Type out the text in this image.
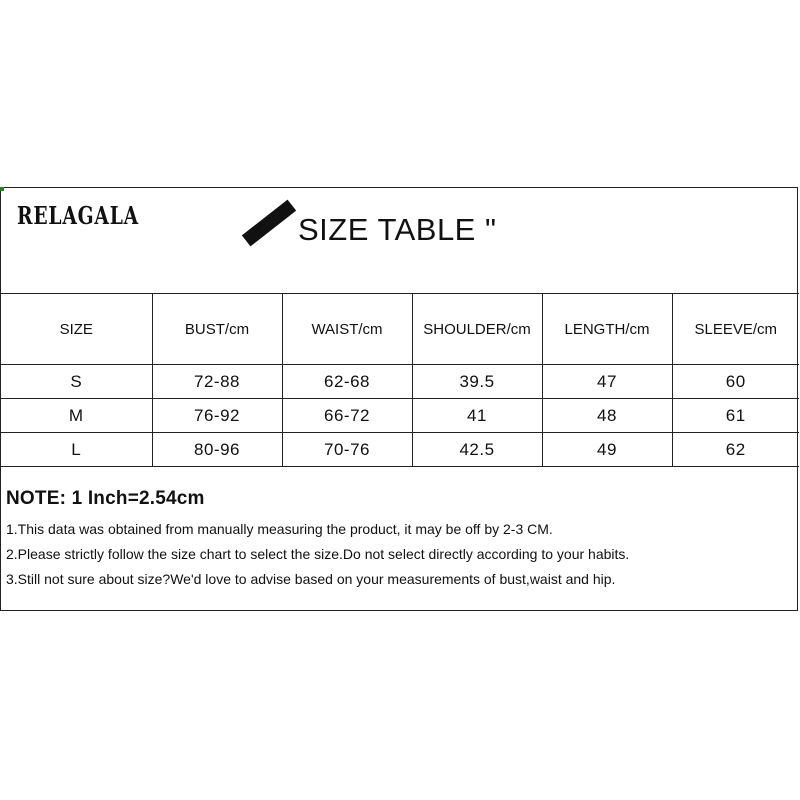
RELAGALA	SIZE TABLE "
SIZE	BUST/cm	WAIST/cm	SHOULDER/cm	LENGTH/cm	SLEEVE/cm
S	72-88	62-68	39.5	47	60
M	76-92	66-72	41	48	61
L	80-96	70-76	42.5	49	62

NOTE: 1 Inch=2.54cm

1.This data was obtained from manually measuring the product, it may be off by 2-3 CM.

2.Please strictly follow the size chart to select the size.Do not select directly according to your habits.

3.Still not sure about size?We'd love to advise based on your measurements of bust,waist and hip.
